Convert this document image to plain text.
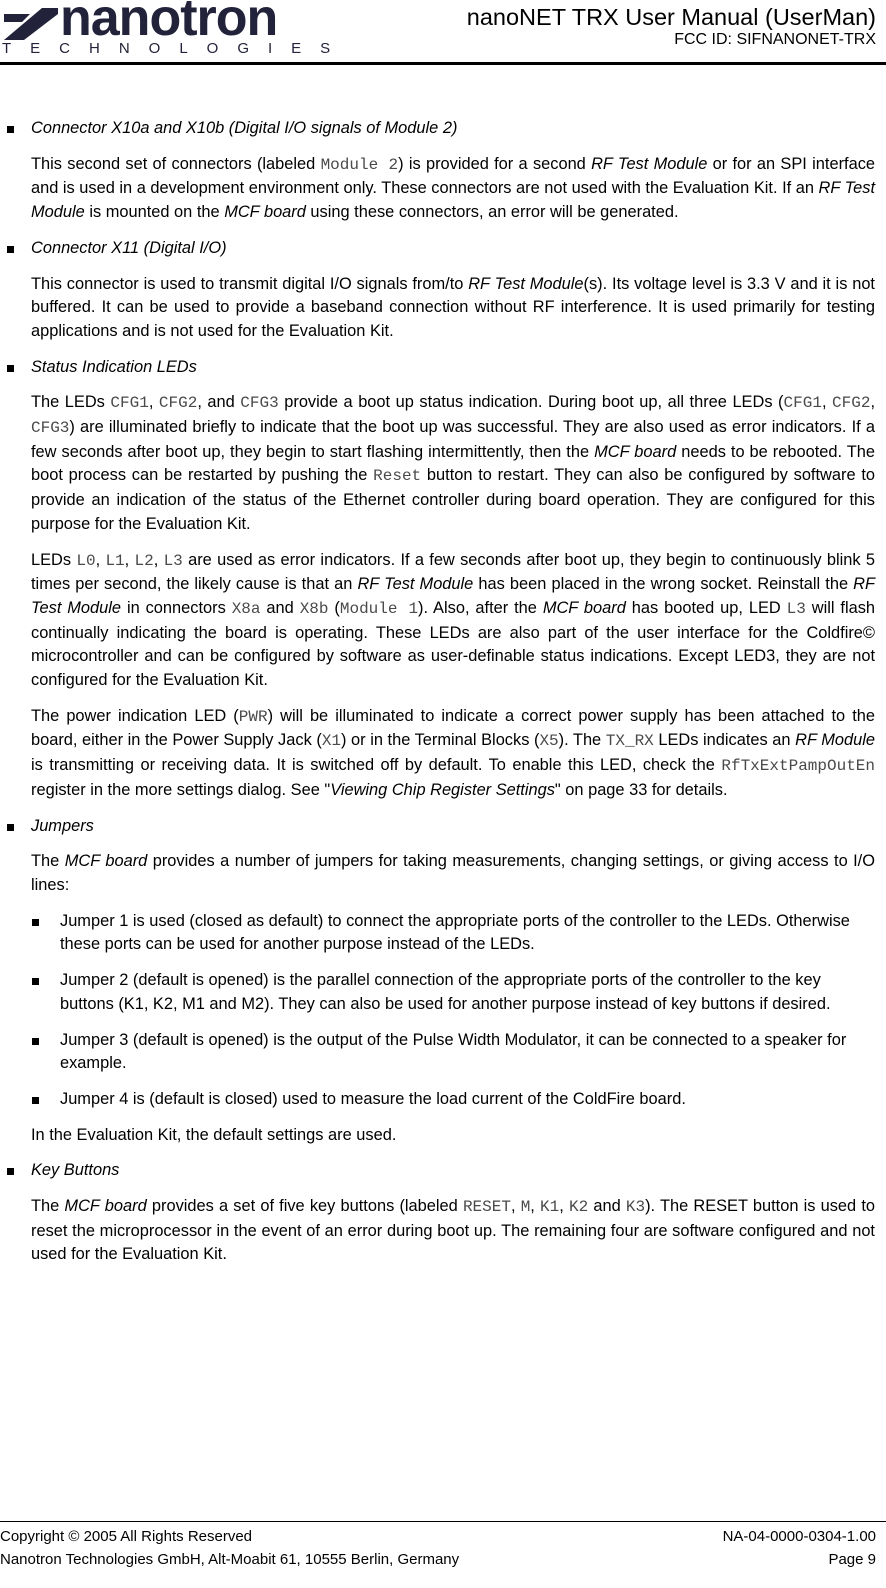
nanotron
TECHNOLOGIES
nanoNET TRX User Manual (UserMan)
FCC ID: SIFNANONET-TRX
Connector X10a and X10b (Digital I/O signals of Module 2)

This second set of connectors (labeled Module 2) is provided for a second RF Test Module or for an SPI interface and is used in a development environment only. These connectors are not used with the Evaluation Kit. If an RF Test Module is mounted on the MCF board using these connectors, an error will be generated.

Connector X11 (Digital I/O)

This connector is used to transmit digital I/O signals from/to RF Test Module(s). Its voltage level is 3.3 V and it is not buffered. It can be used to provide a baseband connection without RF interference. It is used primarily for testing applications and is not used for the Evaluation Kit.

Status Indication LEDs

The LEDs CFG1, CFG2, and CFG3 provide a boot up status indication. During boot up, all three LEDs (CFG1, CFG2, CFG3) are illuminated briefly to indicate that the boot up was successful. They are also used as error indicators. If a few seconds after boot up, they begin to start flashing intermittently, then the MCF board needs to be rebooted. The boot process can be restarted by pushing the Reset button to restart. They can also be configured by software to provide an indication of the status of the Ethernet controller during board operation. They are configured for this purpose for the Evaluation Kit.

LEDs L0, L1, L2, L3 are used as error indicators. If a few seconds after boot up, they begin to continuously blink 5 times per second, the likely cause is that an RF Test Module has been placed in the wrong socket. Reinstall the RF Test Module in connectors X8a and X8b (Module 1). Also, after the MCF board has booted up, LED L3 will flash continually indicating the board is operating. These LEDs are also part of the user interface for the Coldfire© microcontroller and can be configured by software as user-definable status indications. Except LED3, they are not configured for the Evaluation Kit.

The power indication LED (PWR) will be illuminated to indicate a correct power supply has been attached to the board, either in the Power Supply Jack (X1) or in the Terminal Blocks (X5). The TX_RX LEDs indicates an RF Module is transmitting or receiving data. It is switched off by default. To enable this LED, check the RfTxExtPampOutEn register in the more settings dialog. See "Viewing Chip Register Settings" on page 33 for details.

Jumpers

The MCF board provides a number of jumpers for taking measurements, changing settings, or giving access to I/O lines:

Jumper 1 is used (closed as default) to connect the appropriate ports of the controller to the LEDs. Otherwise these ports can be used for another purpose instead of the LEDs.
Jumper 2 (default is opened) is the parallel connection of the appropriate ports of the controller to the key buttons (K1, K2, M1 and M2). They can also be used for another purpose instead of key buttons if desired.
Jumper 3 (default is opened) is the output of the Pulse Width Modulator, it can be connected to a speaker for example.
Jumper 4 is (default is closed) used to measure the load current of the ColdFire board.

In the Evaluation Kit, the default settings are used.

Key Buttons

The MCF board provides a set of five key buttons (labeled RESET, M, K1, K2 and K3). The RESET button is used to reset the microprocessor in the event of an error during boot up. The remaining four are software configured and not used for the Evaluation Kit.

Copyright © 2005 All Rights Reserved
Nanotron Technologies GmbH, Alt-Moabit 61, 10555 Berlin, Germany
NA-04-0000-0304-1.00
Page 9
